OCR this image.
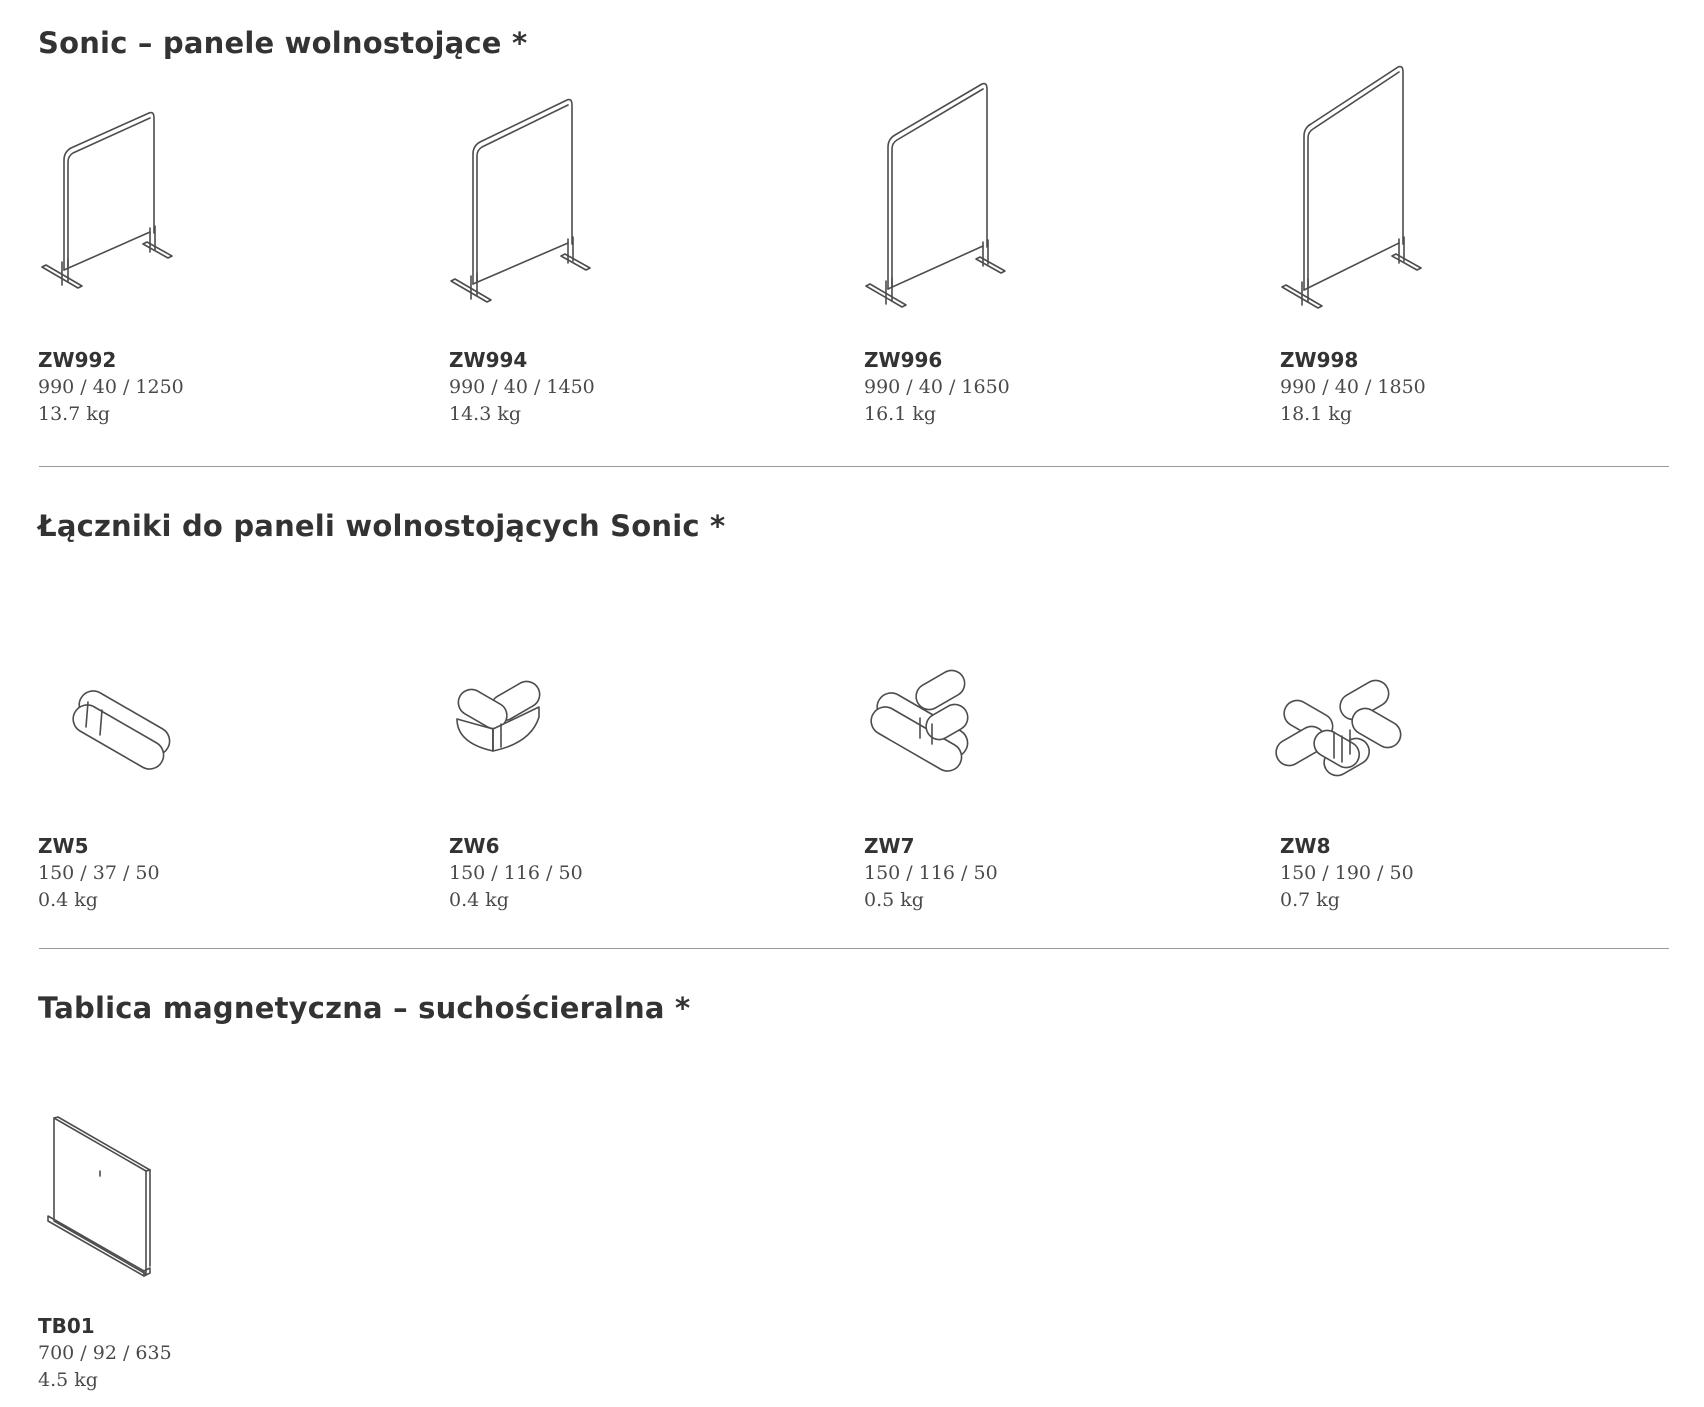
Sonic – panele wolnostojące *
ZW992
990 / 40 / 1250
13.7 kg
ZW994
990 / 40 / 1450
14.3 kg
ZW996
990 / 40 / 1650
16.1 kg
ZW998
990 / 40 / 1850
18.1 kg
Łączniki do paneli wolnostojących Sonic *
ZW5
150 / 37 / 50
0.4 kg
ZW6
150 / 116 / 50
0.4 kg
ZW7
150 / 116 / 50
0.5 kg
ZW8
150 / 190 / 50
0.7 kg
Tablica magnetyczna – suchościeralna *
TB01
700 / 92 / 635
4.5 kg
